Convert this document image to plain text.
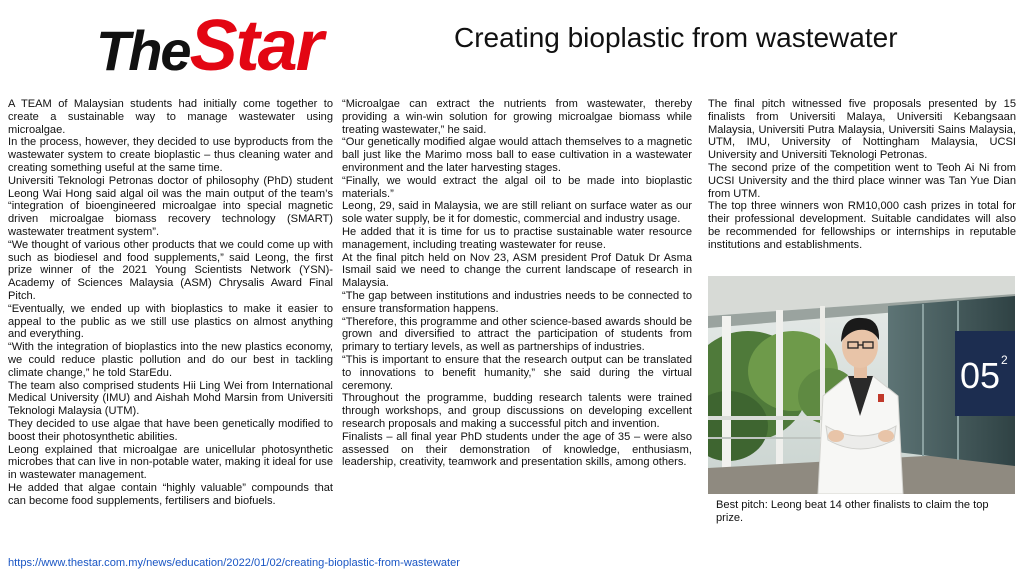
TheStar	Creating bioplastic from wastewater

A TEAM of Malaysian students had initially come together to create a sustainable way to manage wastewater using microalgae.

In the process, however, they decided to use byproducts from the wastewater system to create bioplastic – thus cleaning water and creating something useful at the same time.

Universiti Teknologi Petronas doctor of philosophy (PhD) student Leong Wai Hong said algal oil was the main output of the team’s “integration of bioengineered microalgae into special magnetic driven microalgae biomass recovery technology (SMART) wastewater treatment system”.

“We thought of various other products that we could come up with such as biodiesel and food supplements,” said Leong, the first prize winner of the 2021 Young Scientists Network (YSN)-Academy of Sciences Malaysia (ASM) Chrysalis Award Final Pitch.

“Eventually, we ended up with bioplastics to make it easier to appeal to the public as we still use plastics on almost anything and everything.

“With the integration of bioplastics into the new plastics economy, we could reduce plastic pollution and do our best in tackling climate change,” he told StarEdu.

The team also comprised students Hii Ling Wei from International Medical University (IMU) and Aishah Mohd Marsin from Universiti Teknologi Malaysia (UTM).

They decided to use algae that have been genetically modified to boost their photosynthetic abilities.

Leong explained that microalgae are unicellular photosynthetic microbes that can live in non-potable water, making it ideal for use in wastewater management.

He added that algae contain “highly valuable” compounds that can become food supplements, fertilisers and biofuels.

“Microalgae can extract the nutrients from wastewater, thereby providing a win-win solution for growing microalgae biomass while treating wastewater,” he said.

“Our genetically modified algae would attach themselves to a magnetic ball just like the Marimo moss ball to ease cultivation in a wastewater environment and the later harvesting stages.

“Finally, we would extract the algal oil to be made into bioplastic materials.”

Leong, 29, said in Malaysia, we are still reliant on surface water as our sole water supply, be it for domestic, commercial and industry usage.

He added that it is time for us to practise sustainable water resource management, including treating wastewater for reuse.

At the final pitch held on Nov 23, ASM president Prof Datuk Dr Asma Ismail said we need to change the current landscape of research in Malaysia.

“The gap between institutions and industries needs to be connected to ensure transformation happens.

“Therefore, this programme and other science-based awards should be grown and diversified to attract the participation of students from primary to tertiary levels, as well as partnerships of industries.

“This is important to ensure that the research output can be translated to innovations to benefit humanity,” she said during the virtual ceremony.

Throughout the programme, budding research talents were trained through workshops, and group discussions on developing excellent research proposals and making a successful pitch and invention.

Finalists – all final year PhD students under the age of 35 – were also assessed on their demonstration of knowledge, enthusiasm, leadership, creativity, teamwork and presentation skills, among others.

The final pitch witnessed five proposals presented by 15 finalists from Universiti Malaya, Universiti Kebangsaan Malaysia, Universiti Putra Malaysia, Universiti Sains Malaysia, UTM, IMU, University of Nottingham Malaysia, UCSI University and Universiti Teknologi Petronas.

The second prize of the competition went to Teoh Ai Ni from UCSI University and the third place winner was Tan Yue Dian from UTM.

The top three winners won RM10,000 cash prizes in total for their professional development. Suitable candidates will also be recommended for fellowships or internships in reputable institutions and establishments.

05 2
Best pitch: Leong beat 14 other finalists to claim the top prize.
https://www.thestar.com.my/news/education/2022/01/02/creating-bioplastic-from-wastewater
